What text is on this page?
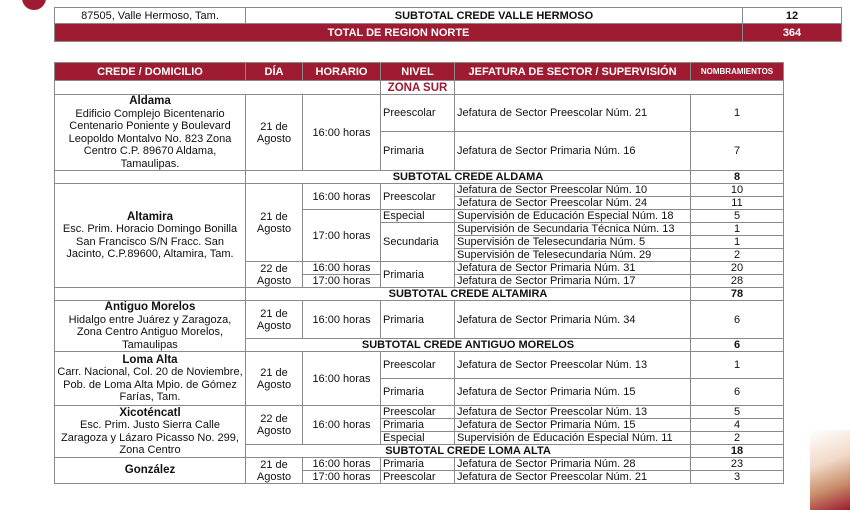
87505, Valle Hermoso, Tam.	SUBTOTAL CREDE VALLE HERMOSO	12
TOTAL DE REGION NORTE		364
CREDE / DOMICILIO	DÍA	HORARIO	NIVEL	JEFATURA DE SECTOR / SUPERVISIÓN	NOMBRAMIENTOS
			ZONA SUR		

Aldama
Edificio Complejo Bicentenario Centenario Poniente y Boulevard Leopoldo Montalvo No. 823 Zona Centro C.P. 89670 Aldama, Tamaulipas.	21 de Agosto	16:00 horas	Preescolar	Jefatura de Sector Preescolar Núm. 21	1
			Primaria	Jefatura de Sector Primaria Núm. 16	7
	SUBTOTAL CREDE ALDAMA				8

Altamira
Esc. Prim. Horacio Domingo Bonilla San Francisco S/N Fracc. San Jacinto, C.P.89600, Altamira, Tam.	21 de Agosto	16:00 horas	Preescolar	Jefatura de Sector Preescolar Núm. 10	10
				Jefatura de Sector Preescolar Núm. 24	11
		17:00 horas	Especial	Supervisión de Educación Especial Núm. 18	5
			Secundaria	Supervisión de Secundaria Técnica Núm. 13	1
				Supervisión de Telesecundaria Núm. 5	1
				Supervisión de Telesecundaria Núm. 29	2
	22 de Agosto	16:00 horas	Primaria	Jefatura de Sector Primaria Núm. 31	20
		17:00 horas		Jefatura de Sector Primaria Núm. 17	28
	SUBTOTAL CREDE ALTAMIRA				78

Antiguo Morelos
Hidalgo entre Juárez y Zaragoza, Zona Centro Antiguo Morelos, Tamaulipas	21 de Agosto	16:00 horas	Primaria	Jefatura de Sector Primaria Núm. 34	6
	SUBTOTAL CREDE ANTIGUO MORELOS				6

Loma Alta
Carr. Nacional, Col. 20 de Noviembre, Pob. de Loma Alta Mpio. de Gómez Farías, Tam.	21 de Agosto	16:00 horas	Preescolar	Jefatura de Sector Preescolar Núm. 13	1
			Primaria	Jefatura de Sector Primaria Núm. 15	6

Xicoténcatl
Esc. Prim. Justo Sierra Calle Zaragoza y Lázaro Picasso No. 299, Zona Centro	22 de Agosto	16:00 horas	Preescolar	Jefatura de Sector Preescolar Núm. 13	5
			Primaria	Jefatura de Sector Primaria Núm. 15	4
			Especial	Supervisión de Educación Especial Núm. 11	2
	SUBTOTAL CREDE LOMA ALTA				18

González	21 de Agosto	16:00 horas	Primaria	Jefatura de Sector Primaria Núm. 28	23
		17:00 horas	Preescolar	Jefatura de Sector Preescolar Núm. 21	3
